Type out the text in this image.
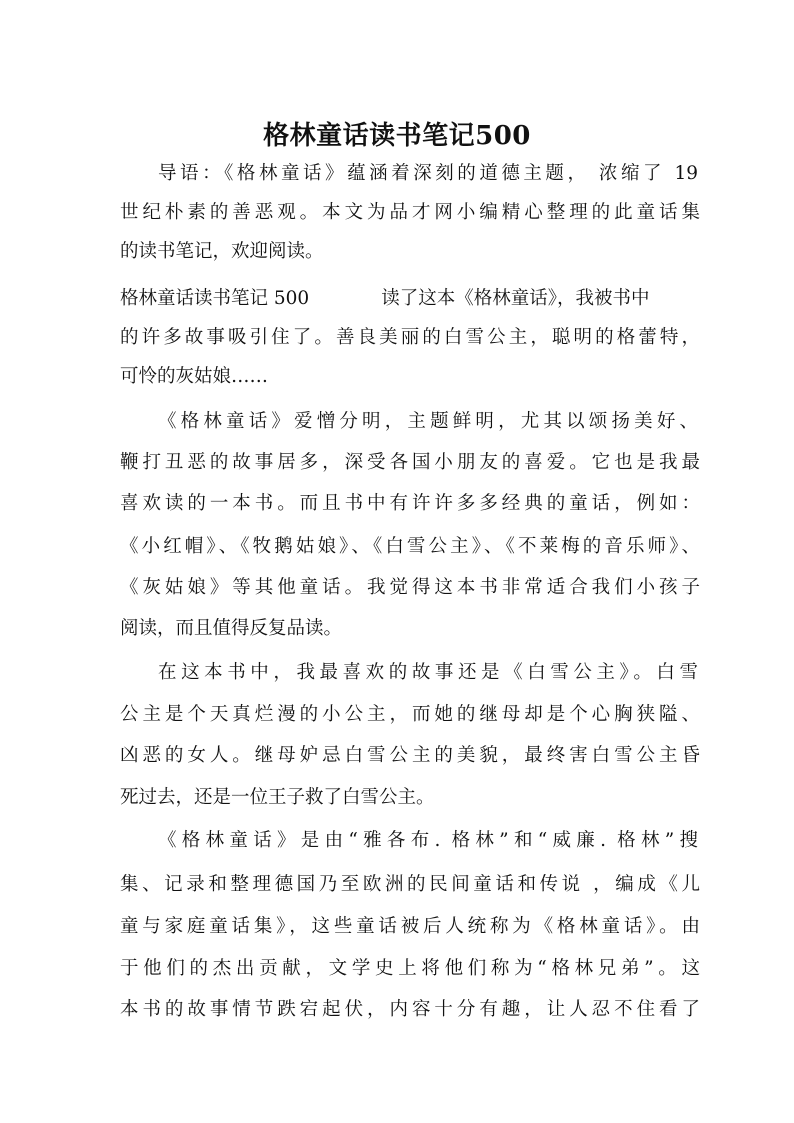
格林童话读书笔记500
导语：《格林童话》蕴涵着深刻的道德主题， 浓缩了 19
世纪朴素的善恶观。本文为品才网小编精心整理的此童话集
的读书笔记，欢迎阅读。
格林童话读书笔记 500	读了这本《格林童话》，我被书中
的许多故事吸引住了。善良美丽的白雪公主，聪明的格蕾特，
可怜的灰姑娘……
《格林童话》爱憎分明，主题鲜明，尤其以颂扬美好、
鞭打丑恶的故事居多，深受各国小朋友的喜爱。它也是我最
喜欢读的一本书。而且书中有许许多多经典的童话，例如：
《小红帽》、《牧鹅姑娘》、《白雪公主》、《不莱梅的音乐师》、
《灰姑娘》等其他童话。我觉得这本书非常适合我们小孩子
阅读，而且值得反复品读。
在这本书中，我最喜欢的故事还是《白雪公主》。白雪
公主是个天真烂漫的小公主，而她的继母却是个心胸狭隘、
凶恶的女人。继母妒忌白雪公主的美貌，最终害白雪公主昏
死过去，还是一位王子救了白雪公主。
《格林童话》是由“雅各布. 格林”和“威廉. 格林”搜
集、记录和整理德国乃至欧洲的民间童话和传说 ，编成《儿
童与家庭童话集》，这些童话被后人统称为《格林童话》。由
于他们的杰出贡献，文学史上将他们称为“格林兄弟”。这
本书的故事情节跌宕起伏，内容十分有趣，让人忍不住看了
